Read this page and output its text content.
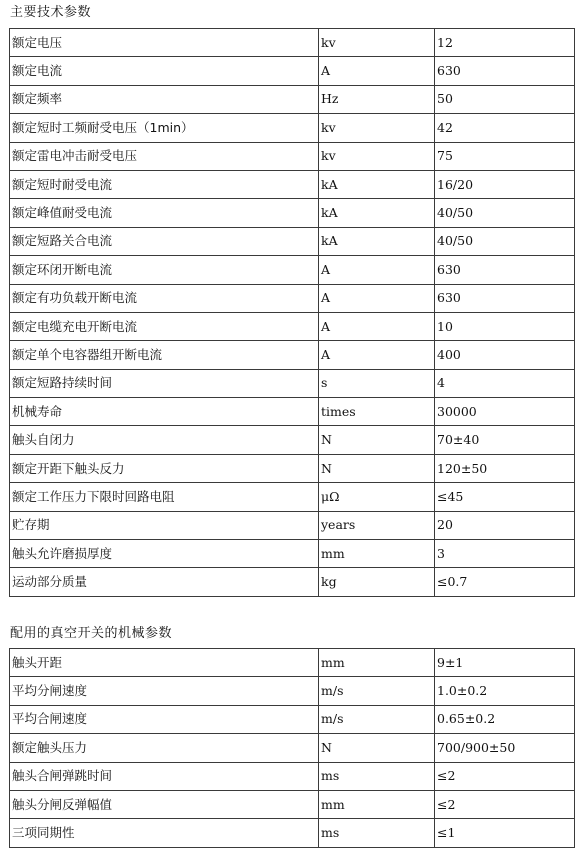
主要技术参数
额定电压	kv	12
额定电流	A	630
额定频率	Hz	50
额定短时工频耐受电压（1min）	kv	42
额定雷电冲击耐受电压	kv	75
额定短时耐受电流	kA	16/20
额定峰值耐受电流	kA	40/50
额定短路关合电流	kA	40/50
额定环闭开断电流	A	630
额定有功负载开断电流	A	630
额定电缆充电开断电流	A	10
额定单个电容器组开断电流	A	400
额定短路持续时间	s	4
机械寿命	times	30000
触头自闭力	N	70±40
额定开距下触头反力	N	120±50
额定工作压力下限时回路电阻	μΩ	≤45
贮存期	years	20
触头允许磨损厚度	mm	3
运动部分质量	kg	≤0.7
配用的真空开关的机械参数
触头开距	mm	9±1
平均分闸速度	m/s	1.0±0.2
平均合闸速度	m/s	0.65±0.2
额定触头压力	N	700/900±50
触头合闸弹跳时间	ms	≤2
触头分闸反弹幅值	mm	≤2
三项同期性	ms	≤1
